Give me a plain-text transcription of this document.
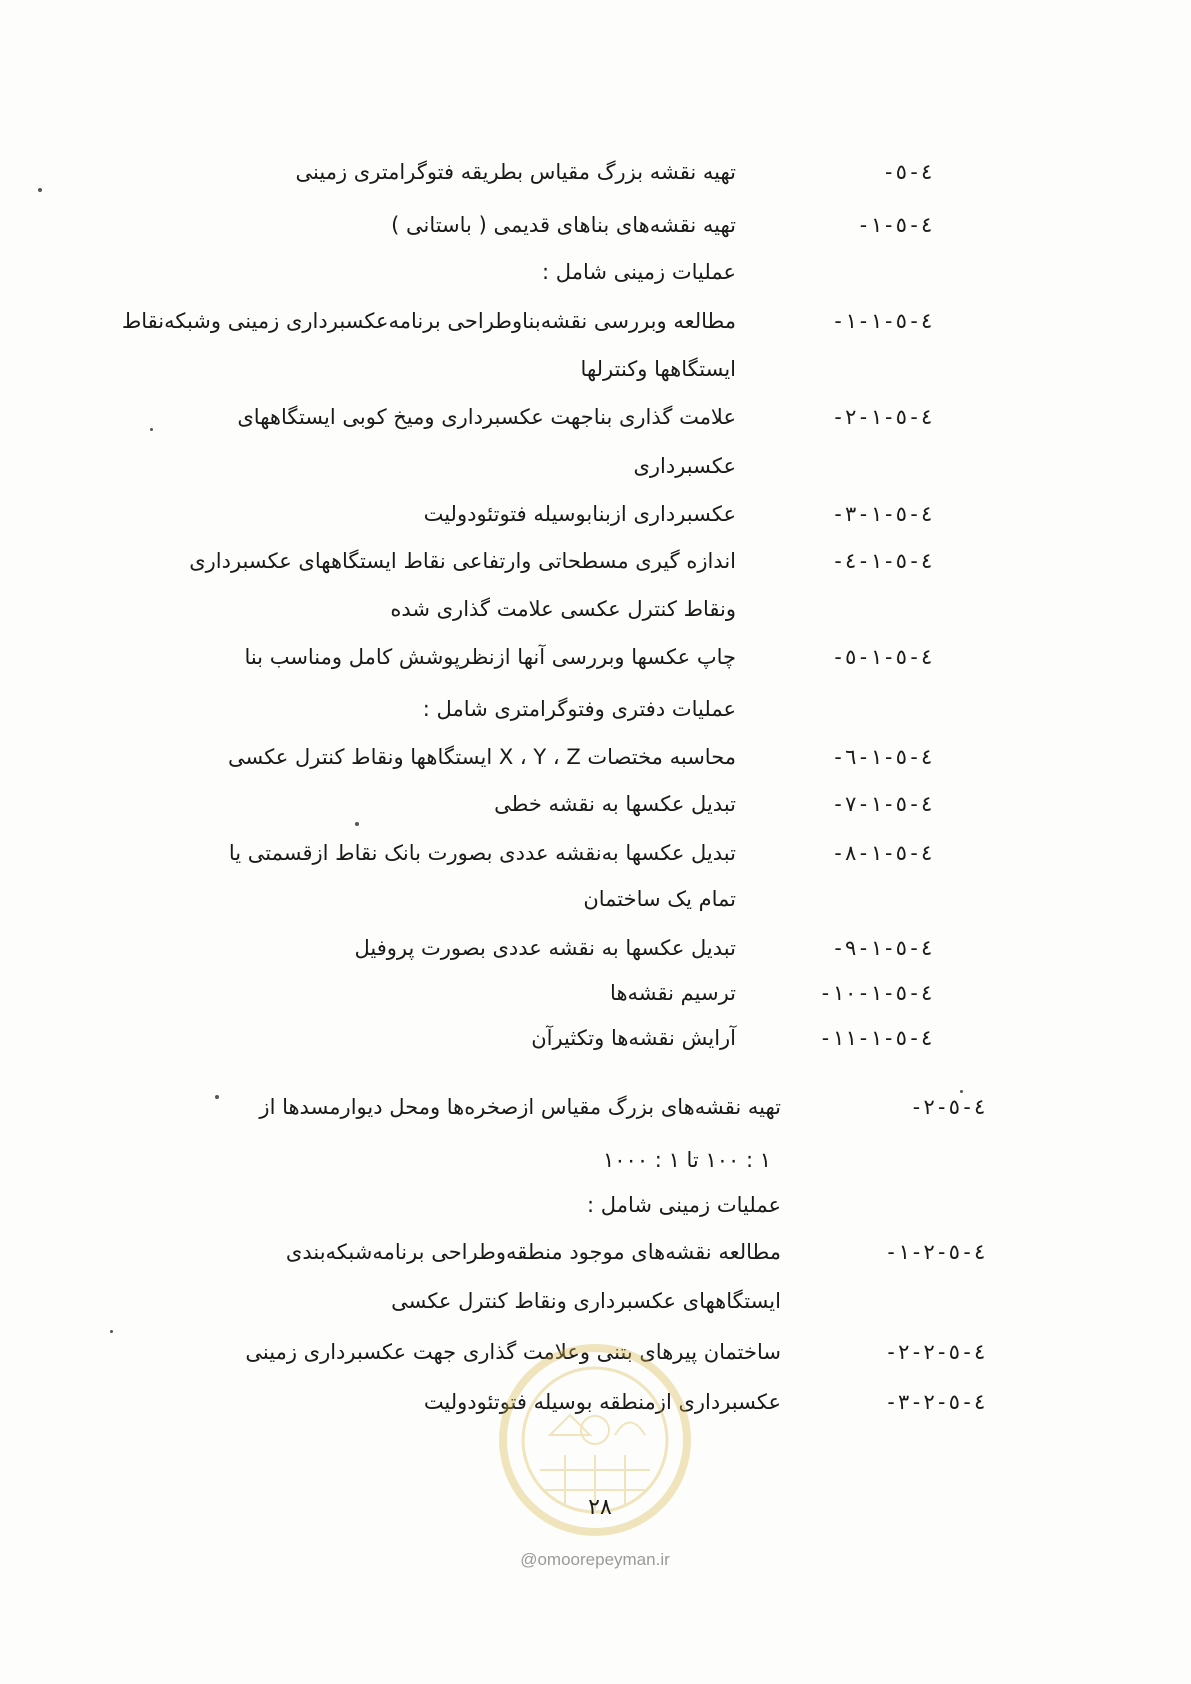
-٤-٥
تهیه نقشه بزرگ مقیاس بطریقه فتوگرامتری زمینی
-٤-٥-١
تهیه نقشه‌های بناهای قدیمی ( باستانی )
عملیات زمینی شامل :
-٤-٥-١-١
مطالعه وبررسی نقشه‌بناوطراحی برنامه‌عکسبرداری زمینی وشبکه‌نقاط
ایستگاهها وکنترلها
-٤-٥-١-٢
علامت گذاری بناجهت عکسبرداری ومیخ کوبی ایستگاههای
عکسبرداری
-٤-٥-١-٣
عکسبرداری ازبنابوسیله فتوتئودولیت
-٤-٥-١-٤
اندازه گیری مسطحاتی وارتفاعی نقاط ایستگاههای عکسبرداری
ونقاط کنترل عکسی علامت گذاری شده
-٤-٥-١-٥
چاپ عکسها وبررسی آنها ازنظرپوشش کامل ومناسب بنا
عملیات دفتری وفتوگرامتری شامل :
-٤-٥-١-٦
محاسبه مختصات X ، Y ، Z ایستگاهها ونقاط کنترل عکسی
-٤-٥-١-٧
تبدیل عکسها به نقشه خطی
-٤-٥-١-٨
تبدیل عکسها به‌نقشه عددی بصورت بانک نقاط ازقسمتی یا
تمام یک ساختمان
-٤-٥-١-٩
تبدیل عکسها به نقشه عددی بصورت پروفیل
-٤-٥-١-١٠
ترسیم نقشه‌ها
-٤-٥-١-١١
آرایش نقشه‌ها وتکثیرآن
-٤-٥-٢
تهیه نقشه‌های بزرگ مقیاس ازصخره‌ها ومحل دیوارمسدها از
١ : ١٠٠ تا ١ : ١٠٠٠
عملیات زمینی شامل :
-٤-٥-٢-١
مطالعه نقشه‌های موجود منطقه‌وطراحی برنامه‌شبکه‌بندی
ایستگاههای عکسبرداری ونقاط کنترل عکسی
-٤-٥-٢-٢
ساختمان پیرهای بتنی وعلامت گذاری جهت عکسبرداری زمینی
-٤-٥-٢-٣
عکسبرداری ازمنطقه بوسیله فتوتئودولیت
٢٨
@omoorepeyman.ir
